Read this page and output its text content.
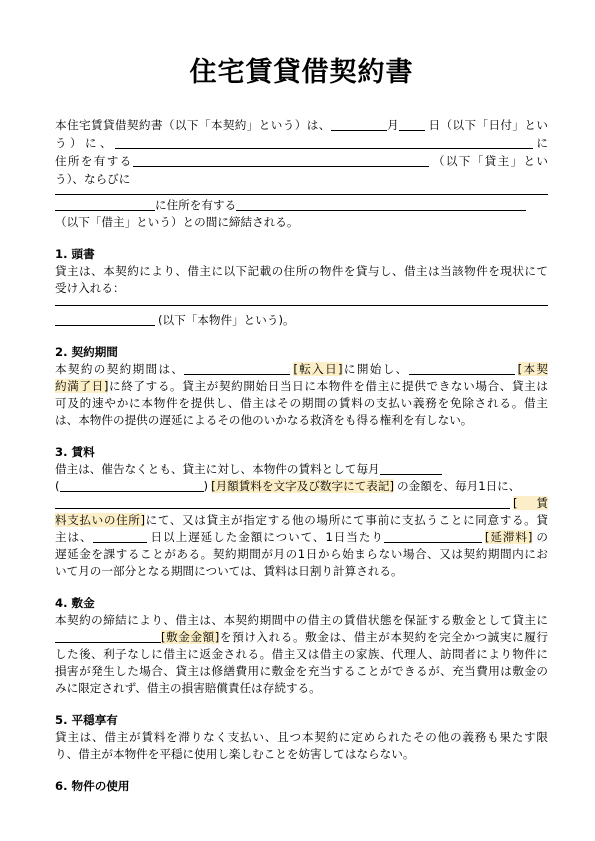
住宅賃貸借契約書
本住宅賃貸借契約書（以下「本契約」という）は、	月	日（以下「日付」とい
う）に、	に
住所を有する	（以下「貸主」とい
う）、ならびに
に住所を有する
（以下「借主」という）との間に締結される。
1. 頭書
貸主は、本契約により、借主に以下記載の住所の物件を貸与し、借主は当該物件を現状にて
受け入れる：
(以下「本物件」という)。
2. 契約期間
本契約の契約期間は、	[転入日]に開始し、	[本契
約満了日]に終了する。貸主が契約開始日当日に本物件を借主に提供できない場合、貸主は
可及的速やかに本物件を提供し、借主はその期間の賃料の支払い義務を免除される。借主
は、本物件の提供の遅延によるその他のいかなる救済をも得る権利を有しない。
3. 賃料
借主は、催告なくとも、貸主に対し、本物件の賃料として毎月
(	) [月額賃料を文字及び数字にて表記] の金額を、毎月1日に、
[賃
料支払いの住所]にて、又は貸主が指定する他の場所にて事前に支払うことに同意する。貸
主は、	日以上遅延した金額について、1日当たり	[延滞料] の
遅延金を課することがある。契約期間が月の1日から始まらない場合、又は契約期間内にお
いて月の一部分となる期間については、賃料は日割り計算される。
4. 敷金
本契約の締結により、借主は、本契約期間中の借主の賃借状態を保証する敷金として貸主に
[敷金金額]を預け入れる。敷金は、借主が本契約を完全かつ誠実に履行
した後、利子なしに借主に返金される。借主又は借主の家族、代理人、訪問者により物件に
損害が発生した場合、貸主は修繕費用に敷金を充当することができるが、充当費用は敷金の
みに限定されず、借主の損害賠償責任は存続する。
5. 平穏享有
貸主は、借主が賃料を滞りなく支払い、且つ本契約に定められたその他の義務も果たす限
り、借主が本物件を平穏に使用し楽しむことを妨害してはならない。
6. 物件の使用
